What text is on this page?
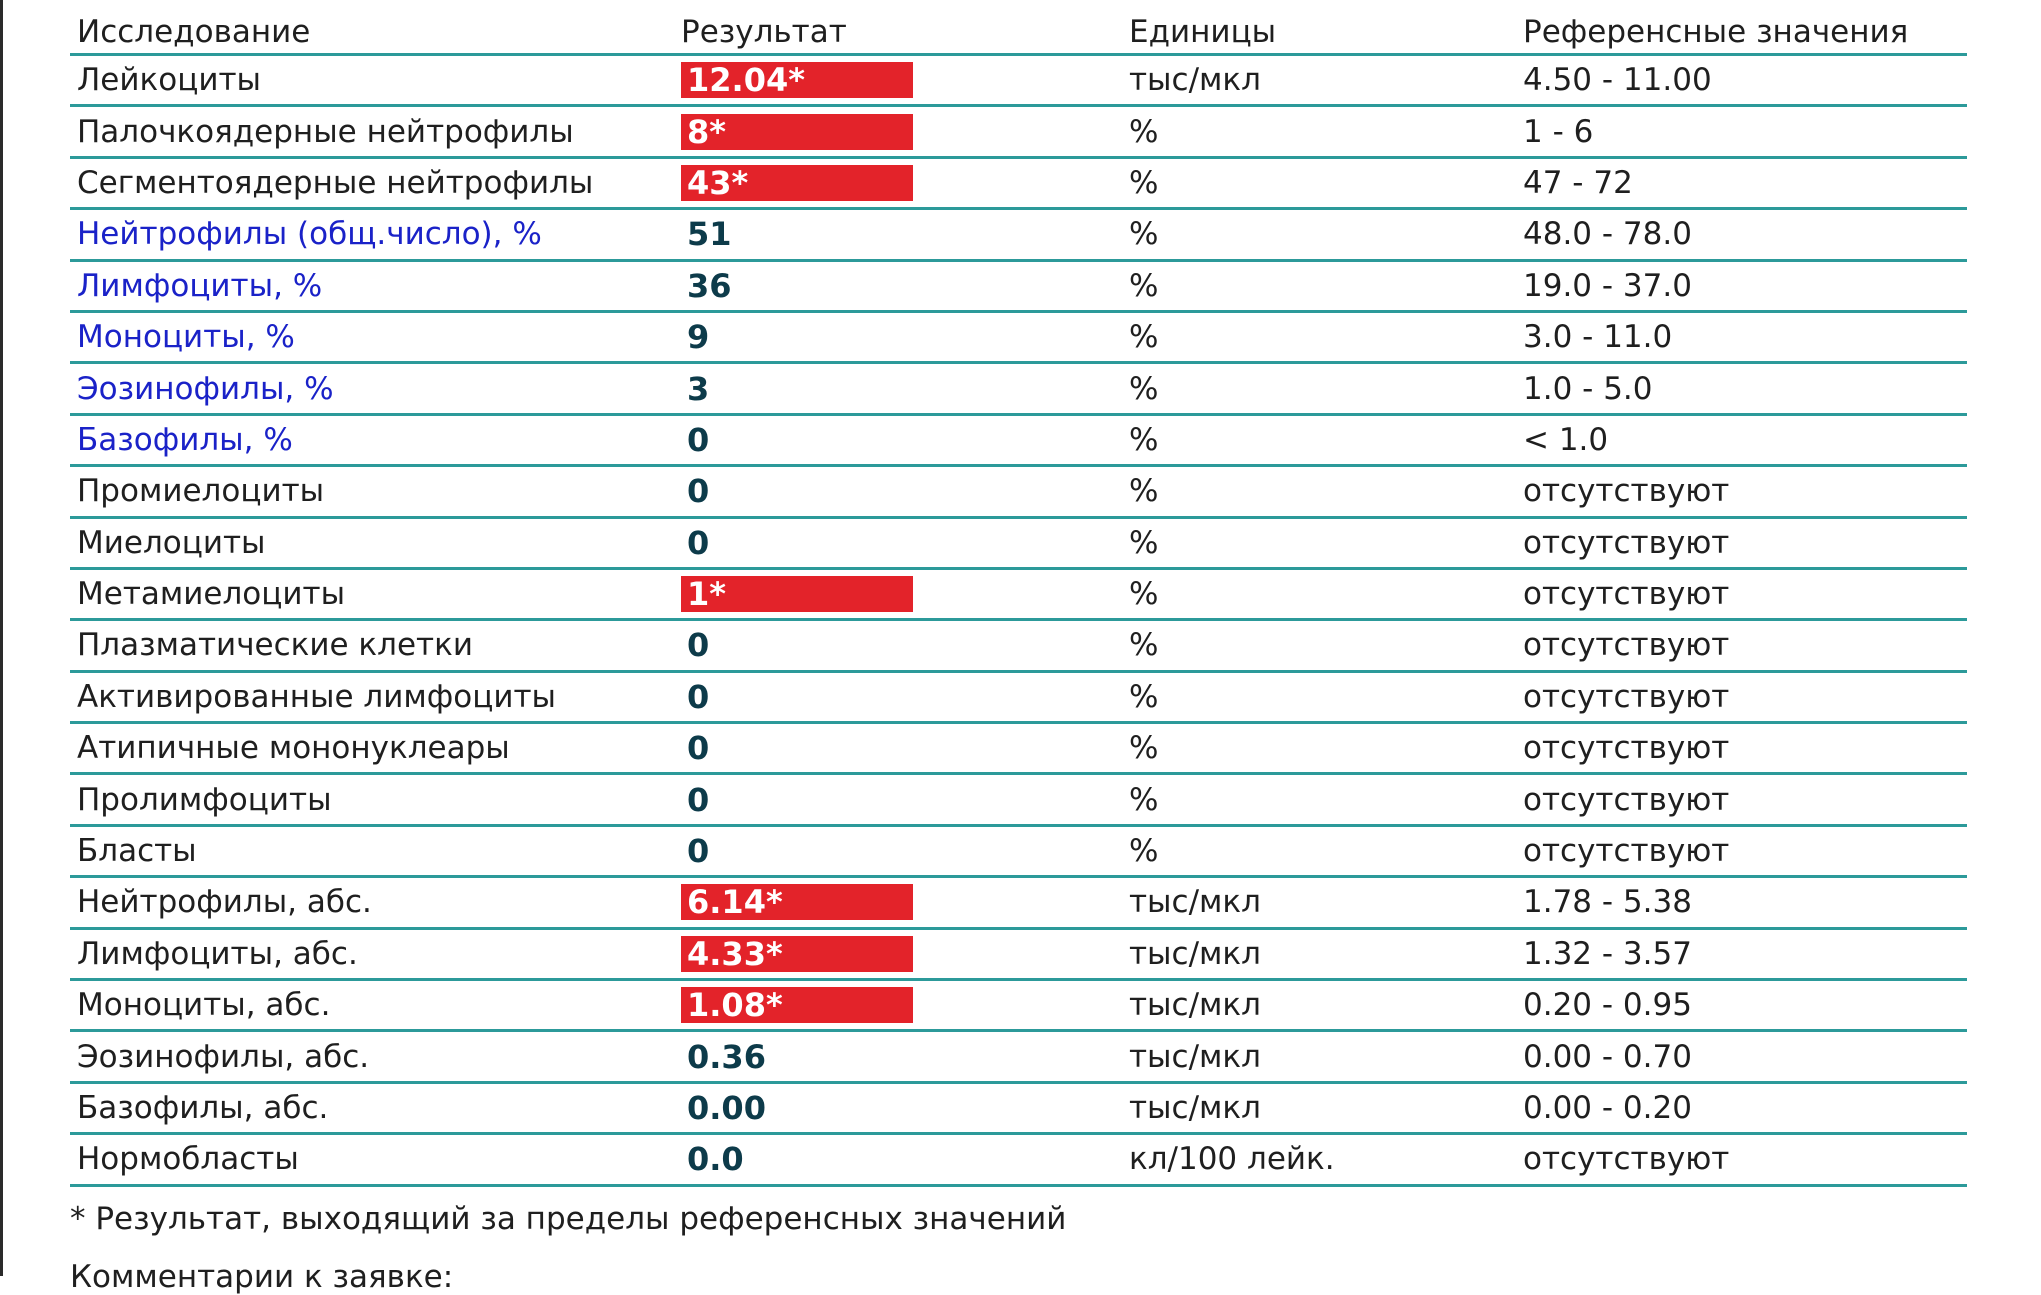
Исследование	Результат	Единицы	Референсные значения
Лейкоциты	12.04*	тыс/мкл	4.50 - 11.00
Палочкоядерные нейтрофилы	8*	%	1 - 6
Сегментоядерные нейтрофилы	43*	%	47 - 72
Нейтрофилы (общ.число), %	51	%	48.0 - 78.0
Лимфоциты, %	36	%	19.0 - 37.0
Моноциты, %	9	%	3.0 - 11.0
Эозинофилы, %	3	%	1.0 - 5.0
Базофилы, %	0	%	< 1.0
Промиелоциты	0	%	отсутствуют
Миелоциты	0	%	отсутствуют
Метамиелоциты	1*	%	отсутствуют
Плазматические клетки	0	%	отсутствуют
Активированные лимфоциты	0	%	отсутствуют
Атипичные мононуклеары	0	%	отсутствуют
Пролимфоциты	0	%	отсутствуют
Бласты	0	%	отсутствуют
Нейтрофилы, абс.	6.14*	тыс/мкл	1.78 - 5.38
Лимфоциты, абс.	4.33*	тыс/мкл	1.32 - 3.57
Моноциты, абс.	1.08*	тыс/мкл	0.20 - 0.95
Эозинофилы, абс.	0.36	тыс/мкл	0.00 - 0.70
Базофилы, абс.	0.00	тыс/мкл	0.00 - 0.20
Нормобласты	0.0	кл/100 лейк.	отсутствуют
* Результат, выходящий за пределы референсных значений
Комментарии к заявке:
